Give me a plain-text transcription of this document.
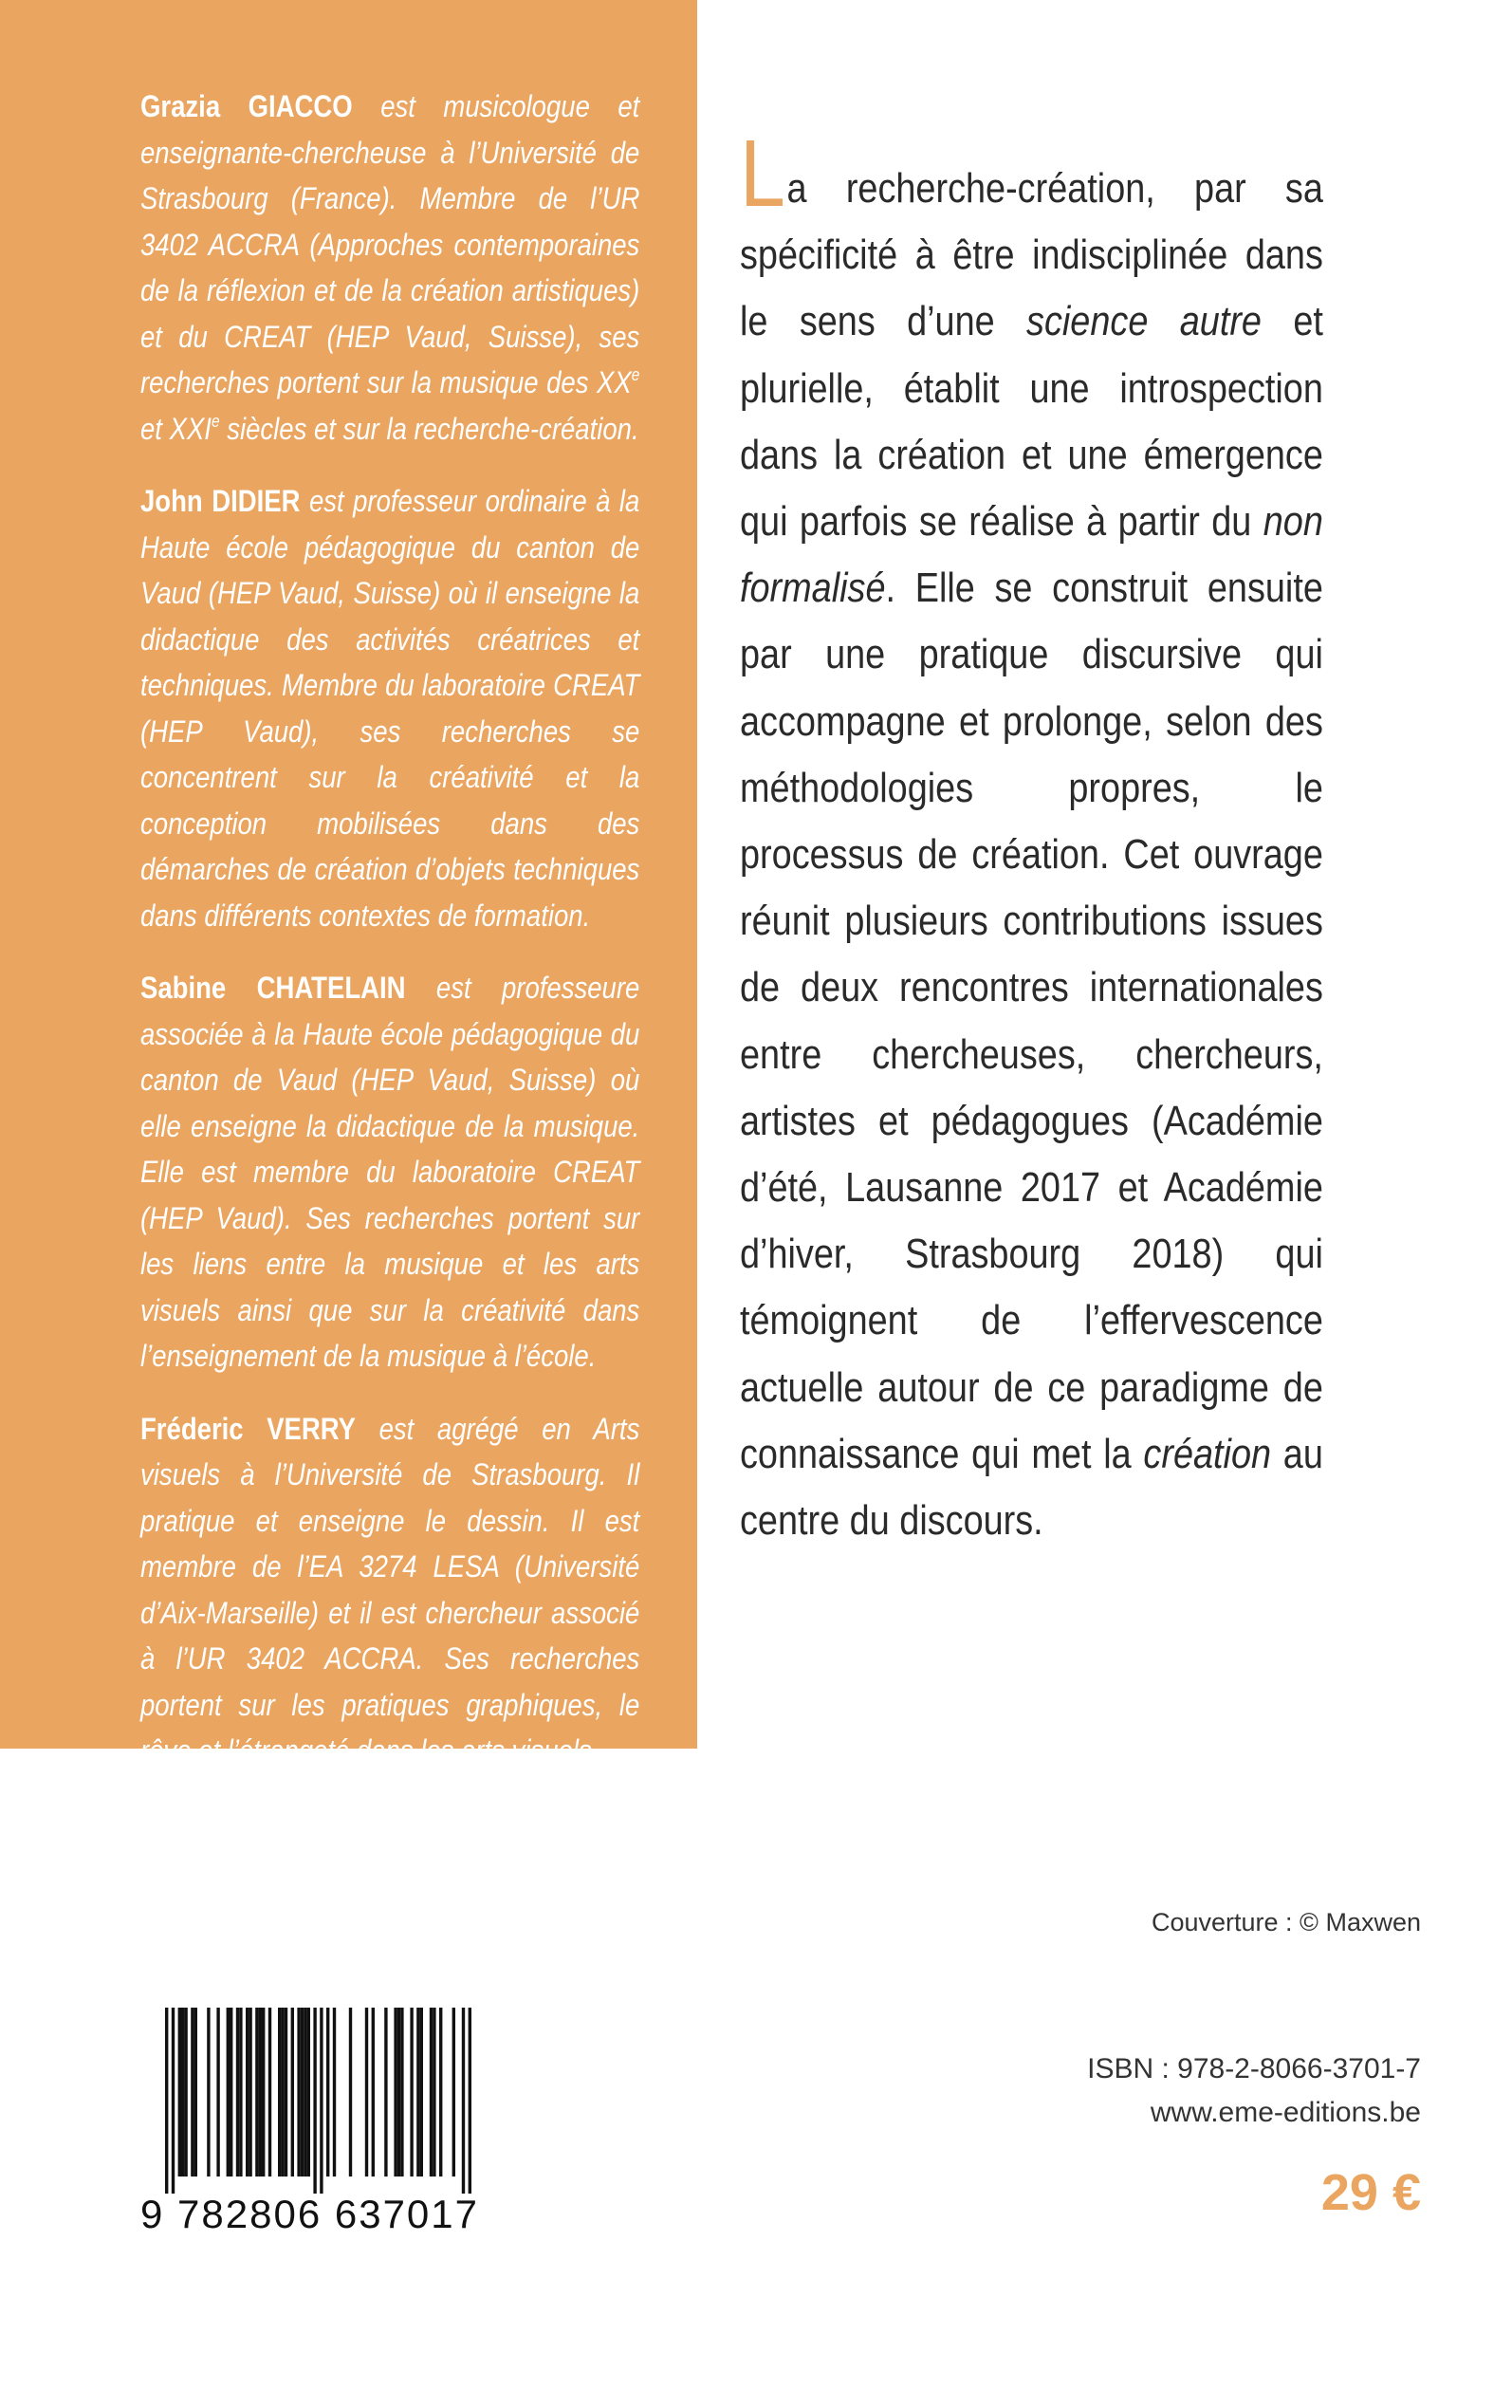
Grazia GIACCO est musicologue et enseignante-chercheuse à l’Université de Strasbourg (France). Membre de l’UR 3402 ACCRA (Approches contemporaines de la réflexion et de la création artistiques) et du CREAT (HEP Vaud, Suisse), ses recherches portent sur la musique des XXe et XXIe siècles et sur la recherche-création.

John DIDIER est professeur ordinaire à la Haute école pédagogique du canton de Vaud (HEP Vaud, Suisse) où il enseigne la didactique des activités créatrices et techniques. Membre du laboratoire CREAT (HEP Vaud), ses recherches se concentrent sur la créativité et la conception mobilisées dans des démarches de création d’objets techniques dans différents contextes de formation.

Sabine CHATELAIN est professeure associée à la Haute école pédagogique du canton de Vaud (HEP Vaud, Suisse) où elle enseigne la didactique de la musique. Elle est membre du laboratoire CREAT (HEP Vaud). Ses recherches portent sur les liens entre la musique et les arts visuels ainsi que sur la créativité dans l’enseignement de la musique à l’école.

Fréderic VERRY est agrégé en Arts visuels à l’Université de Strasbourg. Il pratique et enseigne le dessin. Il est membre de l’EA 3274 LESA (Université d’Aix-Marseille) et il est chercheur associé à l’UR 3402 ACCRA. Ses recherches portent sur les pratiques graphiques, le rêve et l’étrangeté dans les arts visuels.

La recherche-création, par sa spécificité à être indisciplinée dans le sens d’une science autre et plurielle, établit une introspection dans la création et une émergence qui parfois se réalise à partir du non formalisé. Elle se construit ensuite par une pratique discursive qui accompagne et prolonge, selon des méthodologies propres, le processus de création. Cet ouvrage réunit plusieurs contributions issues de deux rencontres internationales entre chercheuses, chercheurs, artistes et pédagogues (Académie d’été, Lausanne 2017 et Académie d’hiver, Strasbourg 2018) qui témoignent de l’effervescence actuelle autour de ce paradigme de connaissance qui met la création au centre du discours.
Couverture : © Maxwen
9 782806 637017
ISBN : 978-2-8066-3701-7
www.eme-editions.be
29 €
